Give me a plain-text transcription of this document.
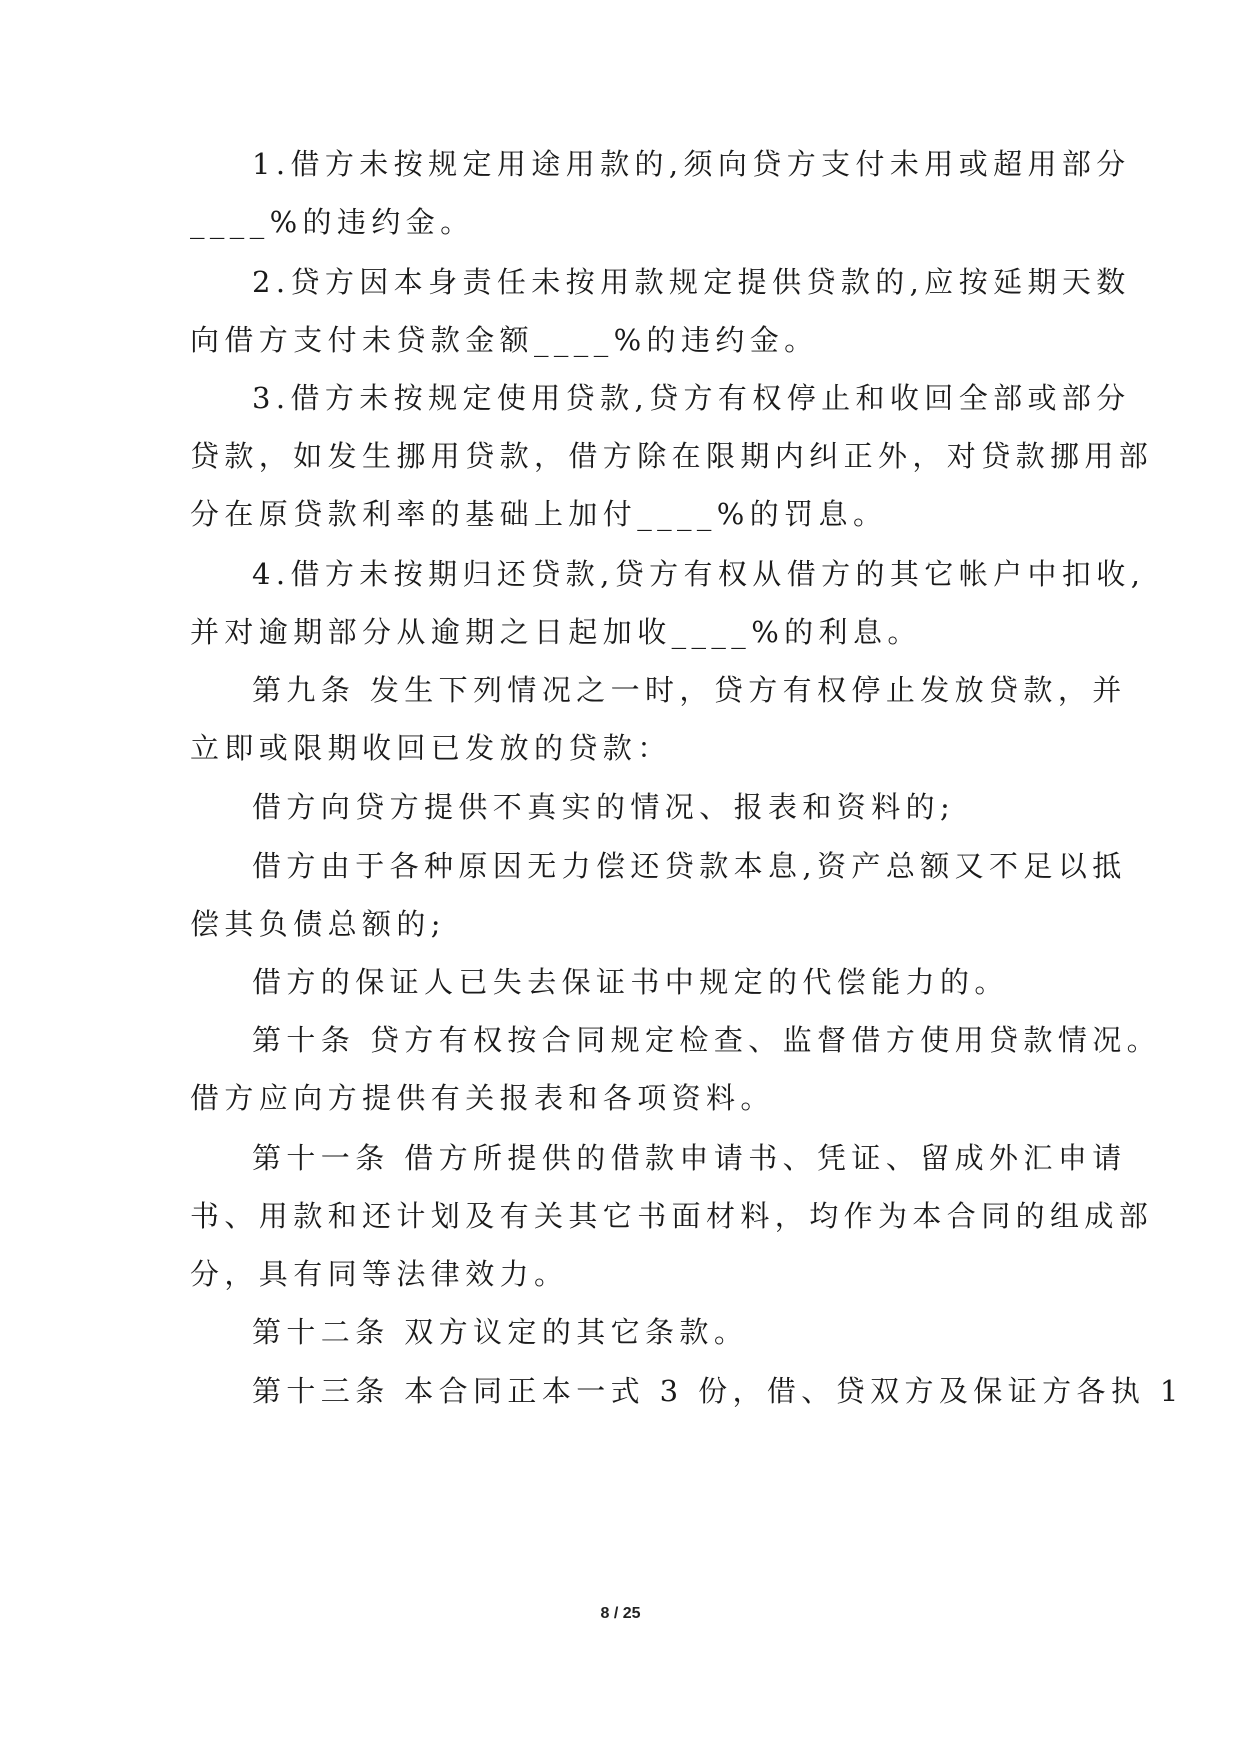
1.借方未按规定用途用款的,须向贷方支付未用或超用部分
____%的违约金。
2.贷方因本身责任未按用款规定提供贷款的,应按延期天数
向借方支付未贷款金额____%的违约金。
3.借方未按规定使用贷款,贷方有权停止和收回全部或部分
贷款，如发生挪用贷款，借方除在限期内纠正外，对贷款挪用部
分在原贷款利率的基础上加付____%的罚息。
4.借方未按期归还贷款,贷方有权从借方的其它帐户中扣收,
并对逾期部分从逾期之日起加收____%的利息。
第九条 发生下列情况之一时，贷方有权停止发放贷款，并
立即或限期收回已发放的贷款：
借方向贷方提供不真实的情况、报表和资料的;
借方由于各种原因无力偿还贷款本息,资产总额又不足以抵
偿其负债总额的;
借方的保证人已失去保证书中规定的代偿能力的。
第十条 贷方有权按合同规定检查、监督借方使用贷款情况。
借方应向方提供有关报表和各项资料。
第十一条 借方所提供的借款申请书、凭证、留成外汇申请
书、用款和还计划及有关其它书面材料，均作为本合同的组成部
分，具有同等法律效力。
第十二条 双方议定的其它条款。
第十三条 本合同正本一式 3 份，借、贷双方及保证方各执 1
8 / 25
